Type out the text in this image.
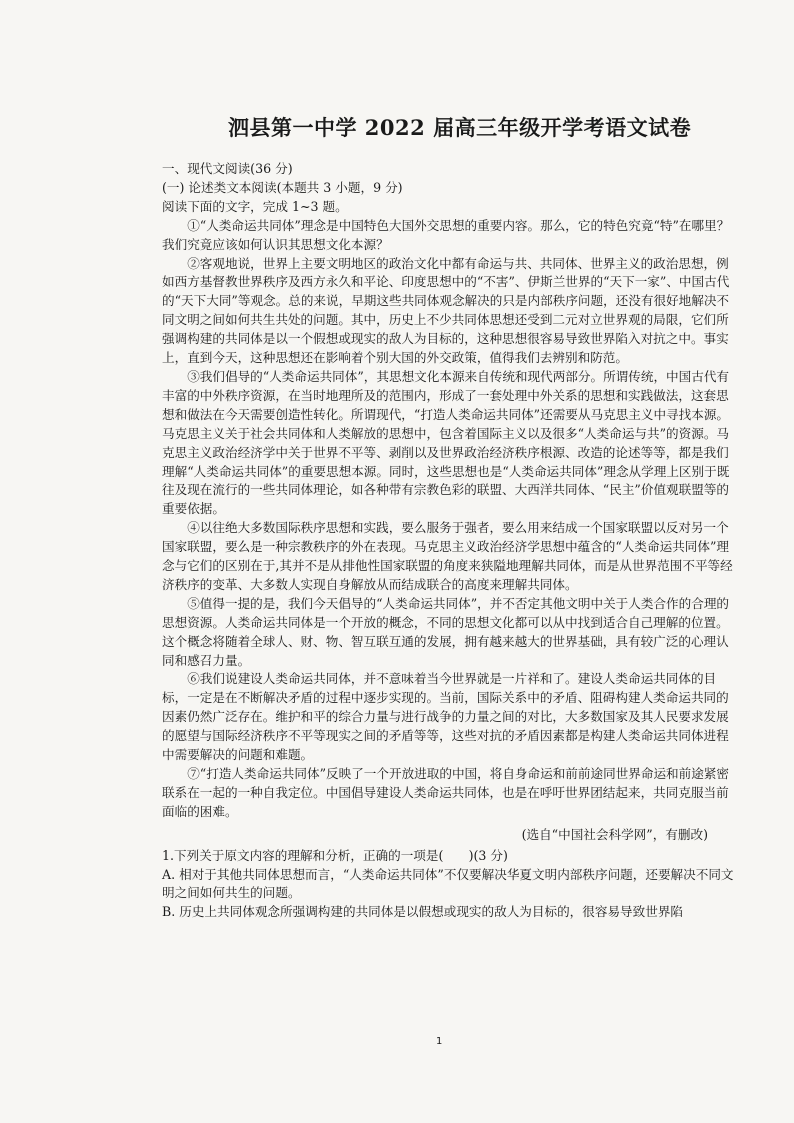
泗县第一中学 2022 届高三年级开学考语文试卷

一、现代文阅读(36 分)

(一) 论述类文本阅读(本题共 3 小题，9 分)

阅读下面的文字，完成 1~3 题。

①“人类命运共同体”理念是中国特色大国外交思想的重要内容。那么，它的特色究竟“特”在哪里？我们究竟应该如何认识其思想文化本源？

②客观地说，世界上主要文明地区的政治文化中都有命运与共、共同体、世界主义的政治思想，例如西方基督教世界秩序及西方永久和平论、印度思想中的“不害”、伊斯兰世界的“天下一家”、中国古代的“天下大同”等观念。总的来说，早期这些共同体观念解决的只是内部秩序问题，还没有很好地解决不同文明之间如何共生共处的问题。其中，历史上不少共同体思想还受到二元对立世界观的局限，它们所强调构建的共同体是以一个假想或现实的敌人为目标的，这种思想很容易导致世界陷入对抗之中。事实上，直到今天，这种思想还在影响着个别大国的外交政策，值得我们去辨别和防范。

③我们倡导的“人类命运共同体”，其思想文化本源来自传统和现代两部分。所谓传统，中国古代有丰富的中外秩序资源，在当时地理所及的范围内，形成了一套处理中外关系的思想和实践做法，这套思想和做法在今天需要创造性转化。所谓现代，“打造人类命运共同体”还需要从马克思主义中寻找本源。马克思主义关于社会共同体和人类解放的思想中，包含着国际主义以及很多“人类命运与共”的资源。马克思主义政治经济学中关于世界不平等、剥削以及世界政治经济秩序根源、改造的论述等等，都是我们理解“人类命运共同体”的重要思想本源。同时，这些思想也是“人类命运共同体”理念从学理上区别于既往及现在流行的一些共同体理论，如各种带有宗教色彩的联盟、大西洋共同体、“民主”价值观联盟等的重要依据。

④以往绝大多数国际秩序思想和实践，要么服务于强者，要么用来结成一个国家联盟以反对另一个国家联盟，要么是一种宗教秩序的外在表现。马克思主义政治经济学思想中蕴含的“人类命运共同体”理念与它们的区别在于,其并不是从排他性国家联盟的角度来狭隘地理解共同体，而是从世界范围不平等经济秩序的变革、大多数人实现自身解放从而结成联合的高度来理解共同体。

⑤值得一提的是，我们今天倡导的“人类命运共同体”，并不否定其他文明中关于人类合作的合理的思想资源。人类命运共同体是一个开放的概念，不同的思想文化都可以从中找到适合自己理解的位置。这个概念将随着全球人、财、物、智互联互通的发展，拥有越来越大的世界基础，具有较广泛的心理认同和感召力量。

⑥我们说建设人类命运共同体，并不意味着当今世界就是一片祥和了。建设人类命运共同体的目标，一定是在不断解决矛盾的过程中逐步实现的。当前，国际关系中的矛盾、阻碍构建人类命运共同的因素仍然广泛存在。维护和平的综合力量与进行战争的力量之间的对比，大多数国家及其人民要求发展的愿望与国际经济秩序不平等现实之间的矛盾等等，这些对抗的矛盾因素都是构建人类命运共同体进程中需要解决的问题和难题。

⑦“打造人类命运共同体”反映了一个开放进取的中国，将自身命运和前前途同世界命运和前途紧密联系在一起的一种自我定位。中国倡导建设人类命运共同体，也是在呼吁世界团结起来，共同克服当前面临的困难。

(选自“中国社会科学网”，有删改)

1.下列关于原文内容的理解和分析，正确的一项是(　　)(3 分)

A. 相对于其他共同体思想而言，“人类命运共同体”不仅要解决华夏文明内部秩序问题，还要解决不同文明之间如何共生的问题。

B. 历史上共同体观念所强调构建的共同体是以假想或现实的敌人为目标的，很容易导致世界陷

1
